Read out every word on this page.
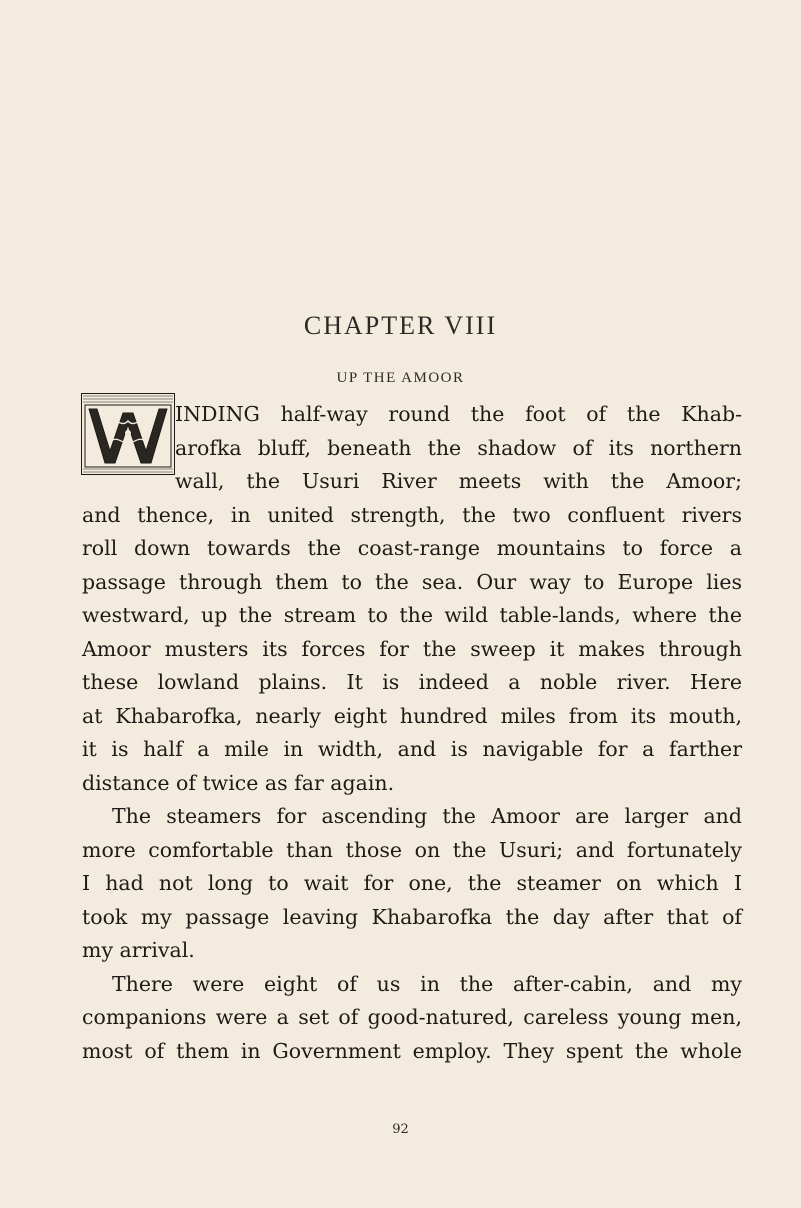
CHAPTER VIII
UP THE AMOOR
INDING half-way round the foot of the Khab-
arofka bluff, beneath the shadow of its northern
wall, the Usuri River meets with the Amoor;
and thence, in united strength, the two confluent rivers
roll down towards the coast-range mountains to force a
passage through them to the sea. Our way to Europe lies
westward, up the stream to the wild table-lands, where the
Amoor musters its forces for the sweep it makes through
these lowland plains. It is indeed a noble river. Here
at Khabarofka, nearly eight hundred miles from its mouth,
it is half a mile in width, and is navigable for a farther
distance of twice as far again.
The steamers for ascending the Amoor are larger and
more comfortable than those on the Usuri; and fortunately
I had not long to wait for one, the steamer on which I
took my passage leaving Khabarofka the day after that of
my arrival.
There were eight of us in the after-cabin, and my
companions were a set of good-natured, careless young men,
most of them in Government employ. They spent the whole
92
